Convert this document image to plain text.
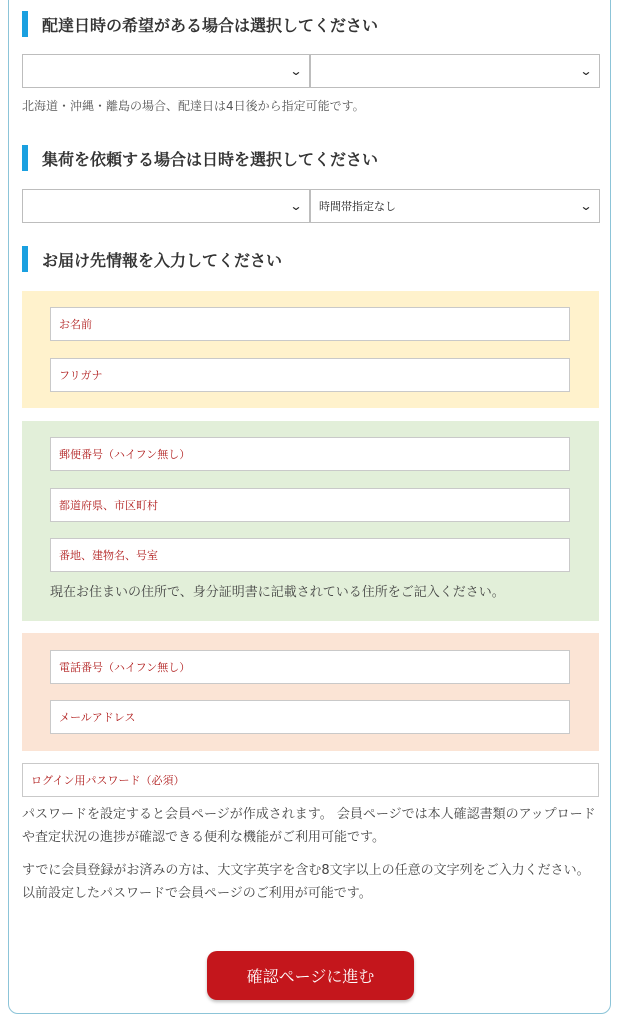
配達日時の希望がある場合は選択してください
⌄	⌄
北海道・沖縄・離島の場合、配達日は4日後から指定可能です。
集荷を依頼する場合は日時を選択してください
⌄ 時間帯指定なし	⌄
お届け先情報を入力してください
お名前
フリガナ
郵便番号（ハイフン無し）
都道府県、市区町村
番地、建物名、号室
現在お住まいの住所で、身分証明書に記載されている住所をご記入ください。
電話番号（ハイフン無し）
メールアドレス
パスワードを設定すると会員ページが作成されます。 会員ページでは本人確認書類のアップロードや査定状況の進捗が確認できる便利な機能がご利用可能です。
すでに会員登録がお済みの方は、大文字英字を含む8文字以上の任意の文字列をご入力ください。以前設定したパスワードで会員ページのご利用が可能です。
確認ページに進む
